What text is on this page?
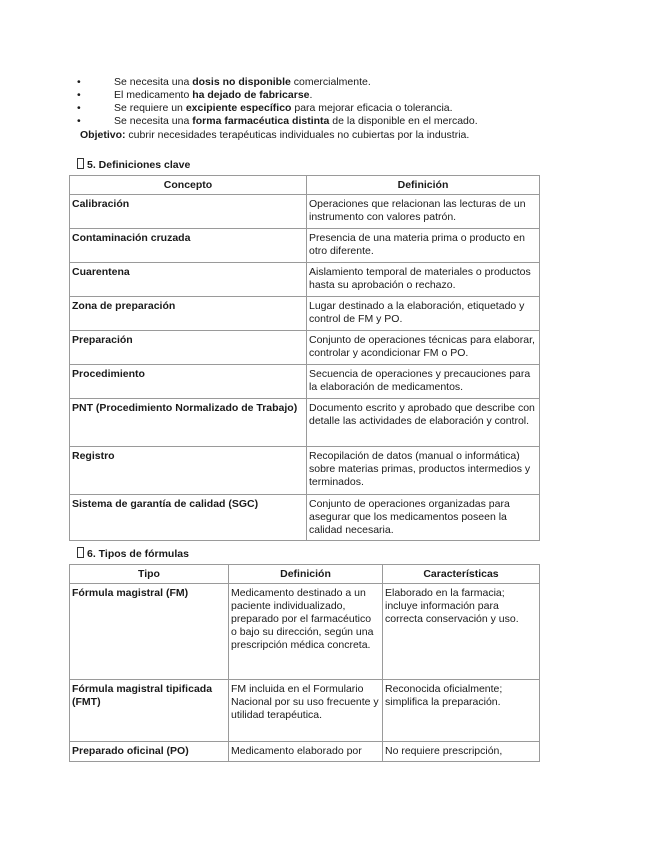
•	Se necesita una dosis no disponible comercialmente.
•	El medicamento ha dejado de fabricarse.
•	Se requiere un excipiente específico para mejorar eficacia o tolerancia.
•	Se necesita una forma farmacéutica distinta de la disponible en el mercado.
Objetivo: cubrir necesidades terapéuticas individuales no cubiertas por la industria.
5. Definiciones clave
Concepto	Definición
Calibración	Operaciones que relacionan las lecturas de un instrumento con valores patrón.
Contaminación cruzada	Presencia de una materia prima o producto en otro diferente.
Cuarentena	Aislamiento temporal de materiales o productos hasta su aprobación o rechazo.
Zona de preparación	Lugar destinado a la elaboración, etiquetado y control de FM y PO.
Preparación	Conjunto de operaciones técnicas para elaborar, controlar y acondicionar FM o PO.
Procedimiento	Secuencia de operaciones y precauciones para la elaboración de medicamentos.
PNT (Procedimiento Normalizado de Trabajo)	Documento escrito y aprobado que describe con detalle las actividades de elaboración y control.
Registro	Recopilación de datos (manual o informática) sobre materias primas, productos intermedios y terminados.
Sistema de garantía de calidad (SGC)	Conjunto de operaciones organizadas para asegurar que los medicamentos poseen la calidad necesaria.
6. Tipos de fórmulas
Tipo	Definición	Características
Fórmula magistral (FM)	Medicamento destinado a un paciente individualizado, preparado por el farmacéutico o bajo su dirección, según una prescripción médica concreta.	Elaborado en la farmacia; incluye información para correcta conservación y uso.
Fórmula magistral tipificada (FMT)	FM incluida en el Formulario Nacional por su uso frecuente y utilidad terapéutica.	Reconocida oficialmente; simplifica la preparación.
Preparado oficinal (PO)	Medicamento elaborado por	No requiere prescripción,
